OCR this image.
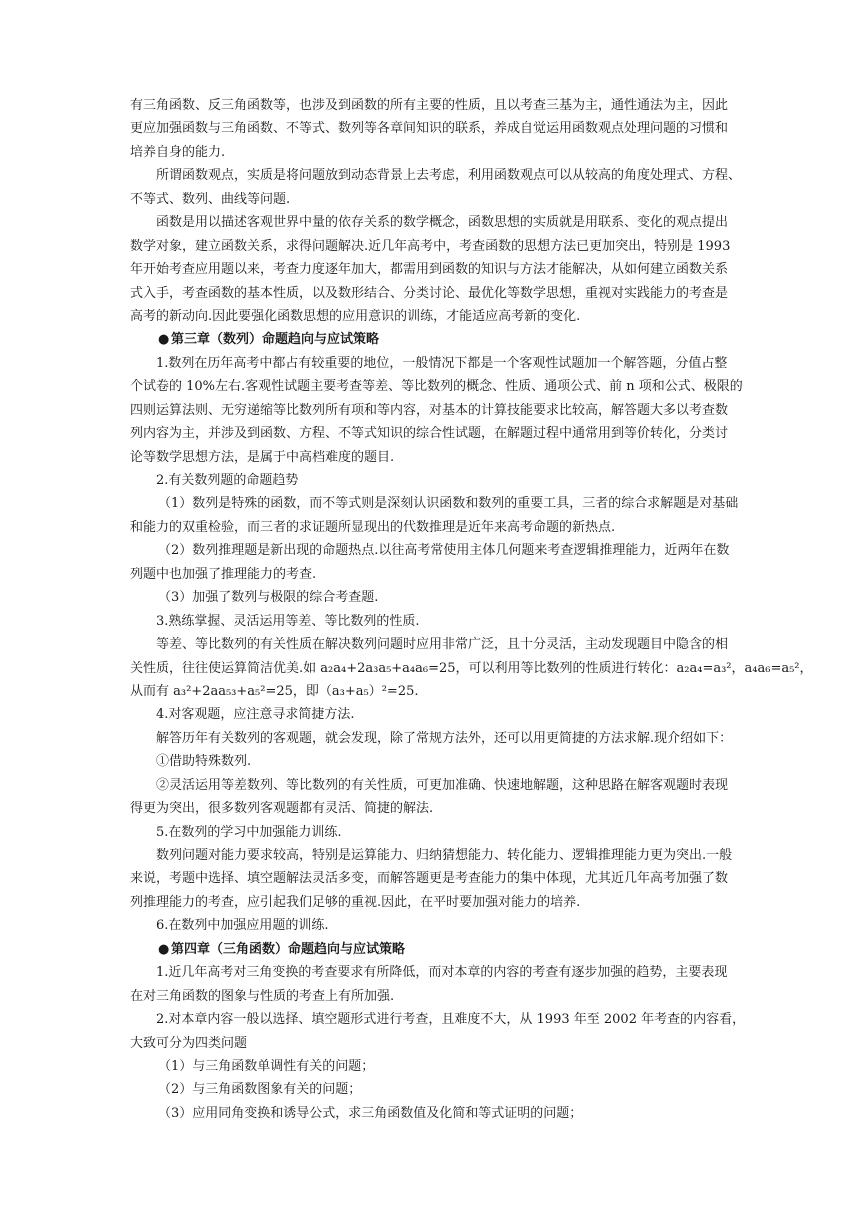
有三角函数、反三角函数等，也涉及到函数的所有主要的性质，且以考查三基为主，通性通法为主，因此
更应加强函数与三角函数、不等式、数列等各章间知识的联系，养成自觉运用函数观点处理问题的习惯和
培养自身的能力.
所谓函数观点，实质是将问题放到动态背景上去考虑，利用函数观点可以从较高的角度处理式、方程、
不等式、数列、曲线等问题.
函数是用以描述客观世界中量的依存关系的数学概念，函数思想的实质就是用联系、变化的观点提出
数学对象，建立函数关系，求得问题解决.近几年高考中，考查函数的思想方法已更加突出，特别是 1993
年开始考查应用题以来，考查力度逐年加大，都需用到函数的知识与方法才能解决，从如何建立函数关系
式入手，考查函数的基本性质，以及数形结合、分类讨论、最优化等数学思想，重视对实践能力的考查是
高考的新动向.因此要强化函数思想的应用意识的训练，才能适应高考新的变化.
● 第三章（数列）命题趋向与应试策略
1.数列在历年高考中都占有较重要的地位，一般情况下都是一个客观性试题加一个解答题，分值占整
个试卷的 10%左右.客观性试题主要考查等差、等比数列的概念、性质、通项公式、前 n 项和公式、极限的
四则运算法则、无穷递缩等比数列所有项和等内容，对基本的计算技能要求比较高，解答题大多以考查数
列内容为主，并涉及到函数、方程、不等式知识的综合性试题，在解题过程中通常用到等价转化，分类讨
论等数学思想方法，是属于中高档难度的题目.
2.有关数列题的命题趋势
（1）数列是特殊的函数，而不等式则是深刻认识函数和数列的重要工具，三者的综合求解题是对基础
和能力的双重检验，而三者的求证题所显现出的代数推理是近年来高考命题的新热点.
（2）数列推理题是新出现的命题热点.以往高考常使用主体几何题来考查逻辑推理能力，近两年在数
列题中也加强了推理能力的考查.
（3）加强了数列与极限的综合考查题.
3.熟练掌握、灵活运用等差、等比数列的性质.
等差、等比数列的有关性质在解决数列问题时应用非常广泛，且十分灵活，主动发现题目中隐含的相
关性质，往往使运算简洁优美.如 a₂a₄+2a₃a₅+a₄a₆=25，可以利用等比数列的性质进行转化：a₂a₄=a₃²，a₄a₆=a₅²，
从而有 a₃²+2aa₅₃+a₅²=25，即（a₃+a₅）²=25.
4.对客观题，应注意寻求简捷方法.
解答历年有关数列的客观题，就会发现，除了常规方法外，还可以用更简捷的方法求解.现介绍如下：
①借助特殊数列.
②灵活运用等差数列、等比数列的有关性质，可更加准确、快速地解题，这种思路在解客观题时表现
得更为突出，很多数列客观题都有灵活、简捷的解法.
5.在数列的学习中加强能力训练.
数列问题对能力要求较高，特别是运算能力、归纳猜想能力、转化能力、逻辑推理能力更为突出.一般
来说，考题中选择、填空题解法灵活多变，而解答题更是考查能力的集中体现，尤其近几年高考加强了数
列推理能力的考查，应引起我们足够的重视.因此，在平时要加强对能力的培养.
6.在数列中加强应用题的训练.
● 第四章（三角函数）命题趋向与应试策略
1.近几年高考对三角变换的考查要求有所降低，而对本章的内容的考查有逐步加强的趋势，主要表现
在对三角函数的图象与性质的考查上有所加强.
2.对本章内容一般以选择、填空题形式进行考查，且难度不大，从 1993 年至 2002 年考查的内容看，
大致可分为四类问题
（1）与三角函数单调性有关的问题；
（2）与三角函数图象有关的问题；
（3）应用同角变换和诱导公式，求三角函数值及化简和等式证明的问题；
